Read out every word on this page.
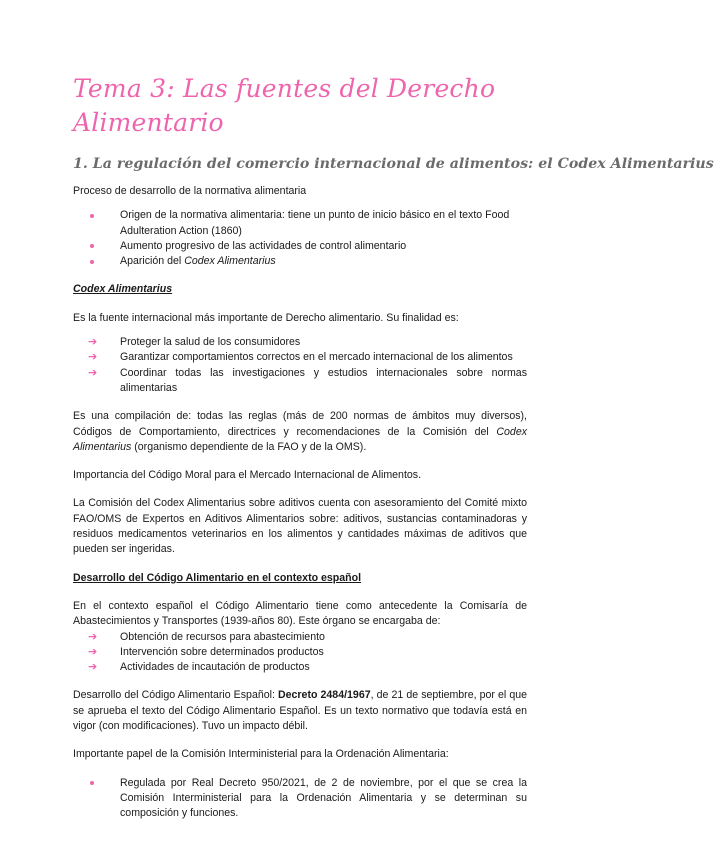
Tema 3: Las fuentes del Derecho Alimentario
1. La regulación del comercio internacional de alimentos: el Codex Alimentarius

Proceso de desarrollo de la normativa alimentaria

Origen de la normativa alimentaria: tiene un punto de inicio básico en el texto Food Adulteration Action (1860)
Aumento progresivo de las actividades de control alimentario
Aparición del Codex Alimentarius

Codex Alimentarius

Es la fuente internacional más importante de Derecho alimentario. Su finalidad es:

➔ Proteger la salud de los consumidores
➔ Garantizar comportamientos correctos en el mercado internacional de los alimentos
➔ Coordinar todas las investigaciones y estudios internacionales sobre normas alimentarias

Es una compilación de: todas las reglas (más de 200 normas de ámbitos muy diversos), Códigos de Comportamiento, directrices y recomendaciones de la Comisión del Codex Alimentarius (organismo dependiente de la FAO y de la OMS).

Importancia del Código Moral para el Mercado Internacional de Alimentos.

La Comisión del Codex Alimentarius sobre aditivos cuenta con asesoramiento del Comité mixto FAO/OMS de Expertos en Aditivos Alimentarios sobre: aditivos, sustancias contaminadoras y residuos medicamentos veterinarios en los alimentos y cantidades máximas de aditivos que pueden ser ingeridas.

Desarrollo del Código Alimentario en el contexto español

En el contexto español el Código Alimentario tiene como antecedente la Comisaría de Abastecimientos y Transportes (1939-años 80). Este órgano se encargaba de:

➔ Obtención de recursos para abastecimiento
➔ Intervención sobre determinados productos
➔ Actividades de incautación de productos

Desarrollo del Código Alimentario Español: Decreto 2484/1967, de 21 de septiembre, por el que se aprueba el texto del Código Alimentario Español. Es un texto normativo que todavía está en vigor (con modificaciones). Tuvo un impacto débil.

Importante papel de la Comisión Interministerial para la Ordenación Alimentaria:

Regulada por Real Decreto 950/2021, de 2 de noviembre, por el que se crea la Comisión Interministerial para la Ordenación Alimentaria y se determinan su composición y funciones.
